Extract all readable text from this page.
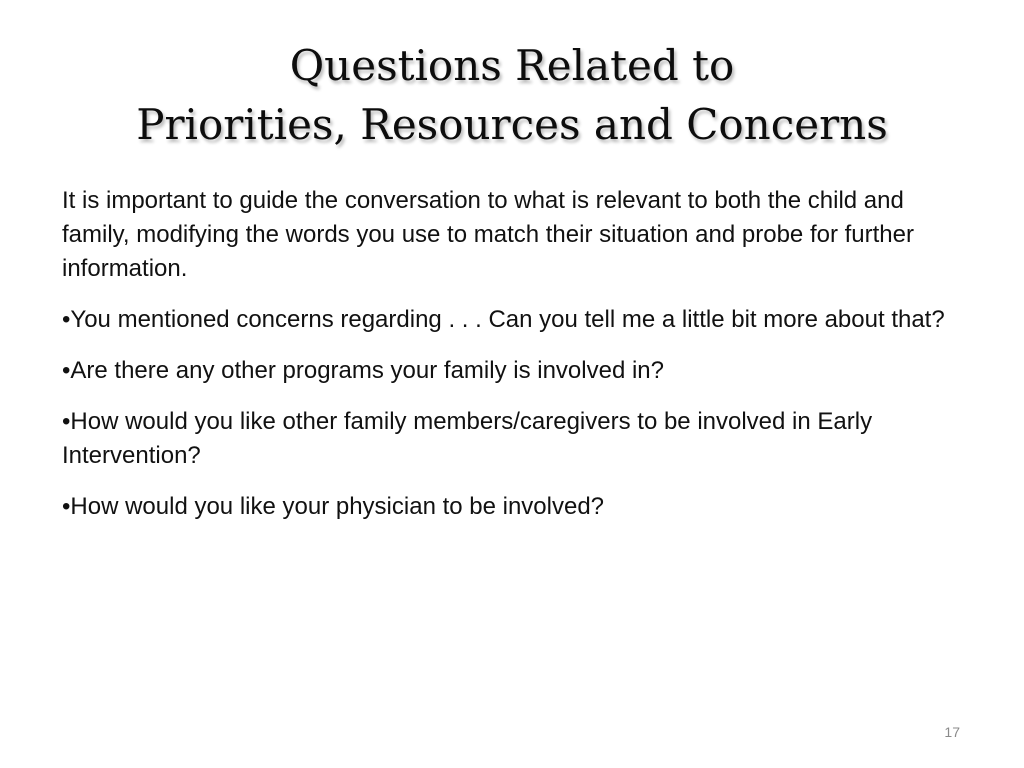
Questions Related to
Priorities, Resources and Concerns

It is important to guide the conversation to what is relevant to both the child and family, modifying the words you use to match their situation and probe for further information.

•You mentioned concerns regarding . . . Can you tell me a little bit more about that?

•Are there any other programs your family is involved in?

•How would you like other family members/caregivers to be involved in Early Intervention?

•How would you like your physician to be involved?

17
